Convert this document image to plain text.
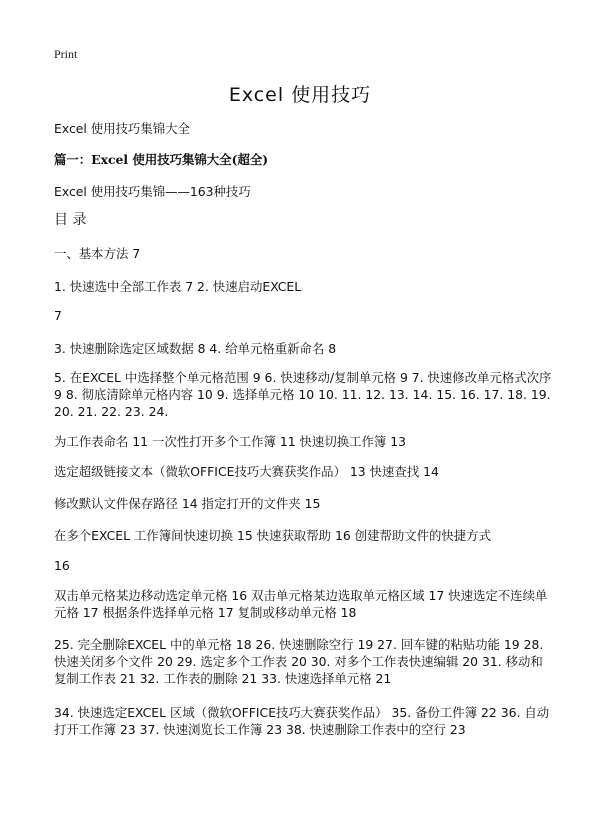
Print
Excel 使用技巧
Excel 使用技巧集锦大全
篇一：Excel 使用技巧集锦大全(超全)
Excel 使用技巧集锦——163种技巧
目 录
一、基本方法 7
1. 快速选中全部工作表 7 2. 快速启动EXCEL
7
3. 快速删除选定区域数据 8 4. 给单元格重新命名 8
5. 在EXCEL 中选择整个单元格范围 9 6. 快速移动/复制单元格 9 7. 快速修改单元格式次序 9 8. 彻底清除单元格内容 10 9. 选择单元格 10 10. 11. 12. 13. 14. 15. 16. 17. 18. 19. 20. 21. 22. 23. 24.
为工作表命名 11 一次性打开多个工作簿 11 快速切换工作簿 13
选定超级链接文本（微软OFFICE技巧大赛获奖作品） 13 快速查找 14
修改默认文件保存路径 14 指定打开的文件夹 15
在多个EXCEL 工作簿间快速切换 15 快速获取帮助 16 创建帮助文件的快捷方式
16
双击单元格某边移动选定单元格 16 双击单元格某边选取单元格区域 17 快速选定不连续单元格 17 根据条件选择单元格 17 复制或移动单元格 18
25. 完全删除EXCEL 中的单元格 18 26. 快速删除空行 19 27. 回车键的粘贴功能 19 28. 快速关闭多个文件 20 29. 选定多个工作表 20 30. 对多个工作表快速编辑 20 31. 移动和复制工作表 21 32. 工作表的删除 21 33. 快速选择单元格 21
34. 快速选定EXCEL 区域（微软OFFICE技巧大赛获奖作品） 35. 备份工件簿 22 36. 自动打开工作簿 23 37. 快速浏览长工作簿 23 38. 快速删除工作表中的空行 23
